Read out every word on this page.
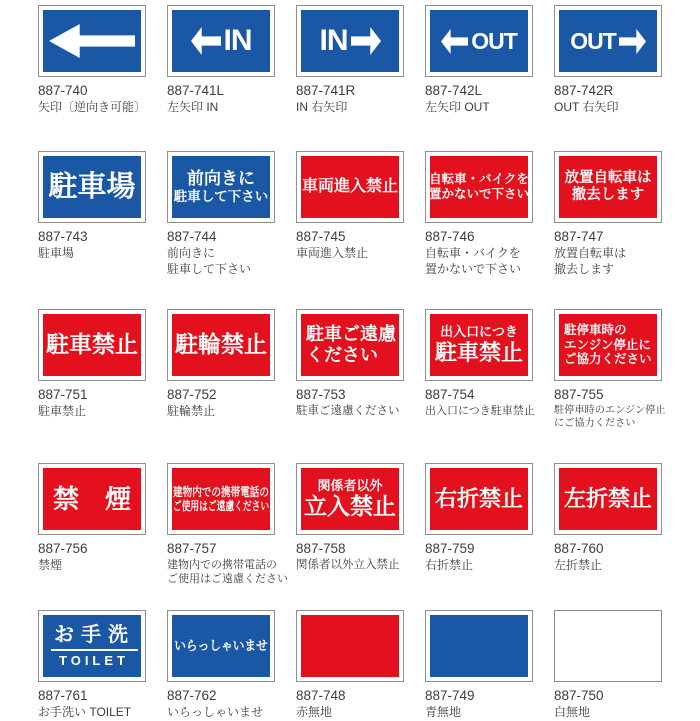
887-740
矢印〔逆向き可能〕
IN
887-741L
左矢印 IN
IN
887-741R
IN 右矢印
OUT
887-742L
左矢印 OUT
OUT
887-742R
OUT 右矢印
駐車場
887-743
駐車場
前向きに
駐車して下さい
887-744
前向きに
駐車して下さい
車両進入禁止
887-745
車両進入禁止
自転車・バイクを
置かないで下さい
887-746
自転車・バイクを
置かないで下さい
放置自転車は
撤去します
887-747
放置自転車は
撤去します
駐車禁止
887-751
駐車禁止
駐輪禁止
887-752
駐輪禁止
駐車ご遠慮
ください
887-753
駐車ご遠慮ください
出入口につき
駐車禁止
887-754
出入口につき駐車禁止
駐停車時の
エンジン停止に
ご協力ください
887-755
駐停車時のエンジン停止
にご協力ください
禁　煙
887-756
禁煙
建物内での携帯電話の
ご使用はご遠慮ください
887-757
建物内での携帯電話の
ご使用はご遠慮ください
関係者以外
立入禁止
887-758
関係者以外立入禁止
右折禁止
887-759
右折禁止
左折禁止
887-760
左折禁止
お手洗
TOILET
887-761
お手洗い TOILET
いらっしゃいませ
887-762
いらっしゃいませ
887-748
赤無地
887-749
青無地
887-750
白無地
